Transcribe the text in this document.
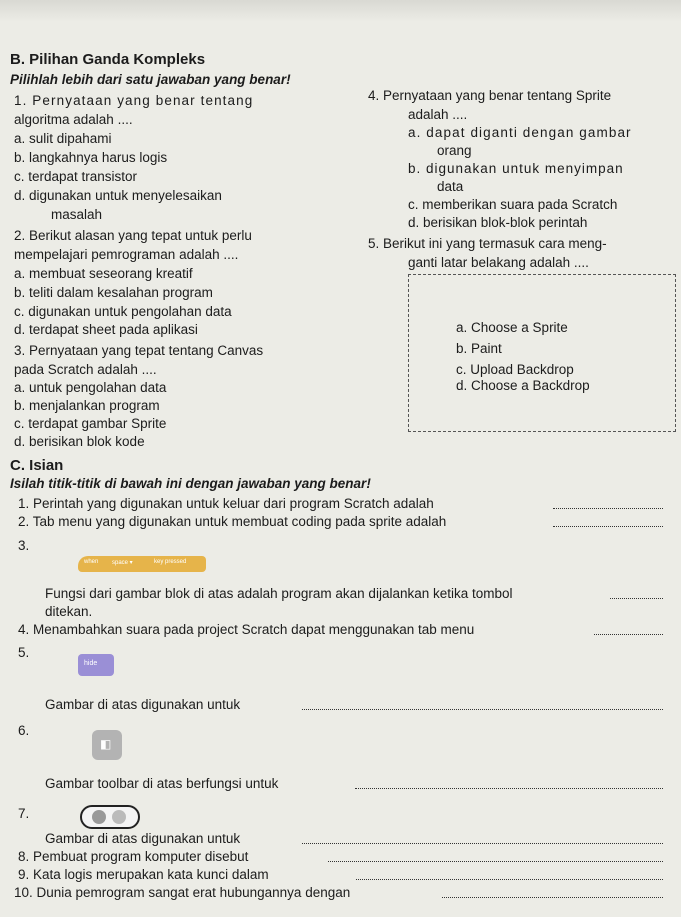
B. Pilihan Ganda Kompleks
Pilihlah lebih dari satu jawaban yang benar!
1. Pernyataan yang benar tentang
algoritma adalah ....
a. sulit dipahami
b. langkahnya harus logis
c. terdapat transistor
d. digunakan untuk menyelesaikan
masalah
2. Berikut alasan yang tepat untuk perlu
mempelajari pemrograman adalah ....
a. membuat seseorang kreatif
b. teliti dalam kesalahan program
c. digunakan untuk pengolahan data
d. terdapat sheet pada aplikasi
3. Pernyataan yang tepat tentang Canvas
pada Scratch adalah ....
a. untuk pengolahan data
b. menjalankan program
c. terdapat gambar Sprite
d. berisikan blok kode
4. Pernyataan yang benar tentang Sprite
adalah ....
a. dapat diganti dengan gambar
orang
b. digunakan untuk menyimpan
data
c. memberikan suara pada Scratch
d. berisikan blok-blok perintah
5. Berikut ini yang termasuk cara meng-
ganti latar belakang adalah ....
a. Choose a Sprite
b. Paint
c. Upload Backdrop
d. Choose a Backdrop
C. Isian
Isilah titik-titik di bawah ini dengan jawaban yang benar!
1. Perintah yang digunakan untuk keluar dari program Scratch adalah
2. Tab menu yang digunakan untuk membuat coding pada sprite adalah
3.
when space ▾	key pressed
Fungsi dari gambar blok di atas adalah program akan dijalankan ketika tombol
ditekan.
4. Menambahkan suara pada project Scratch dapat menggunakan tab menu
5.
hide
Gambar di atas digunakan untuk
6.
◧
Gambar toolbar di atas berfungsi untuk
7.
Gambar di atas digunakan untuk
8. Pembuat program komputer disebut
9. Kata logis merupakan kata kunci dalam
10. Dunia pemrogram sangat erat hubungannya dengan
